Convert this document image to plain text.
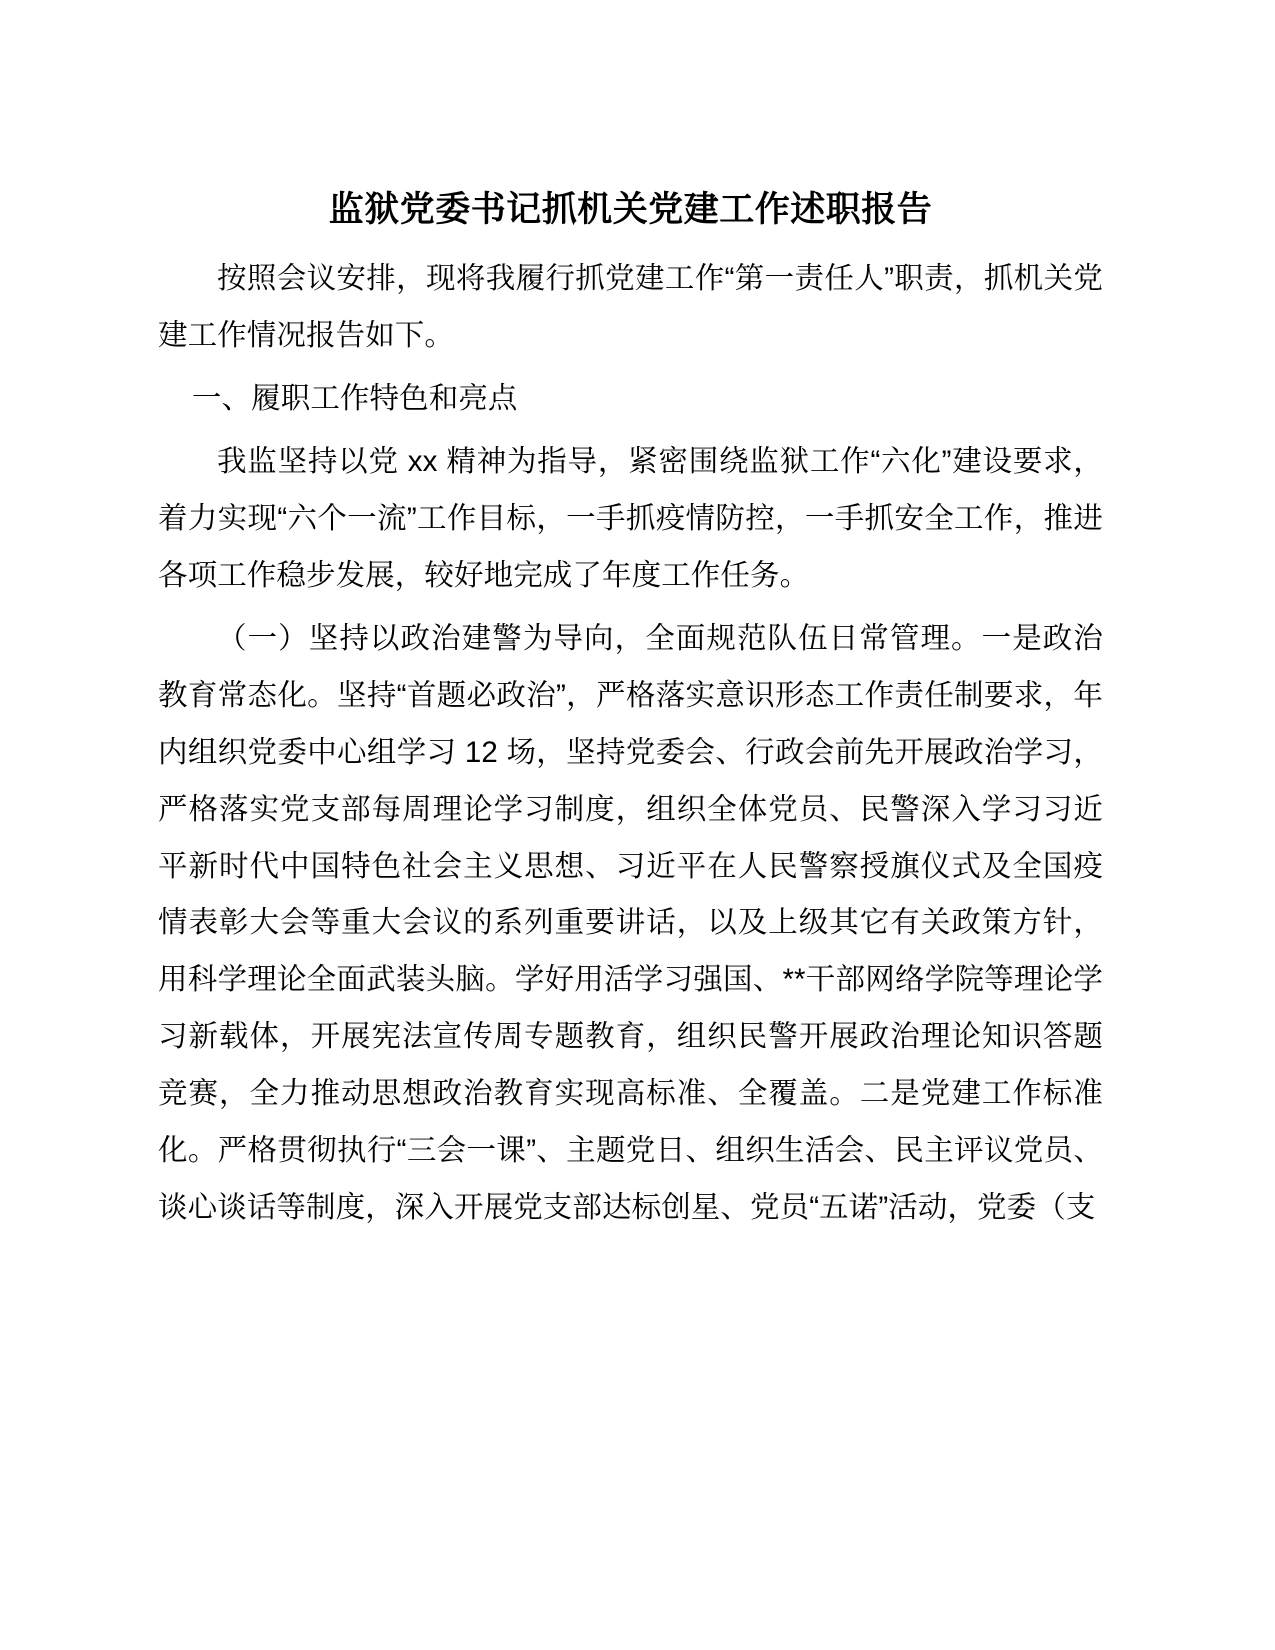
监狱党委书记抓机关党建工作述职报告

按照会议安排，现将我履行抓党建工作“第一责任人”职责，抓机关党建工作情况报告如下。

一、履职工作特色和亮点

我监坚持以党 xx 精神为指导，紧密围绕监狱工作“六化”建设要求，着力实现“六个一流”工作目标，一手抓疫情防控，一手抓安全工作，推进各项工作稳步发展，较好地完成了年度工作任务。

（一）坚持以政治建警为导向，全面规范队伍日常管理。一是政治教育常态化。坚持“首题必政治”，严格落实意识形态工作责任制要求，年内组织党委中心组学习 12 场，坚持党委会、行政会前先开展政治学习，严格落实党支部每周理论学习制度，组织全体党员、民警深入学习习近平新时代中国特色社会主义思想、习近平在人民警察授旗仪式及全国疫情表彰大会等重大会议的系列重要讲话，以及上级其它有关政策方针，用科学理论全面武装头脑。学好用活学习强国、**干部网络学院等理论学习新载体，开展宪法宣传周专题教育，组织民警开展政治理论知识答题竞赛，全力推动思想政治教育实现高标准、全覆盖。二是党建工作标准化。严格贯彻执行“三会一课”、主题党日、组织生活会、民主评议党员、谈心谈话等制度，深入开展党支部达标创星、党员“五诺”活动，党委（支
